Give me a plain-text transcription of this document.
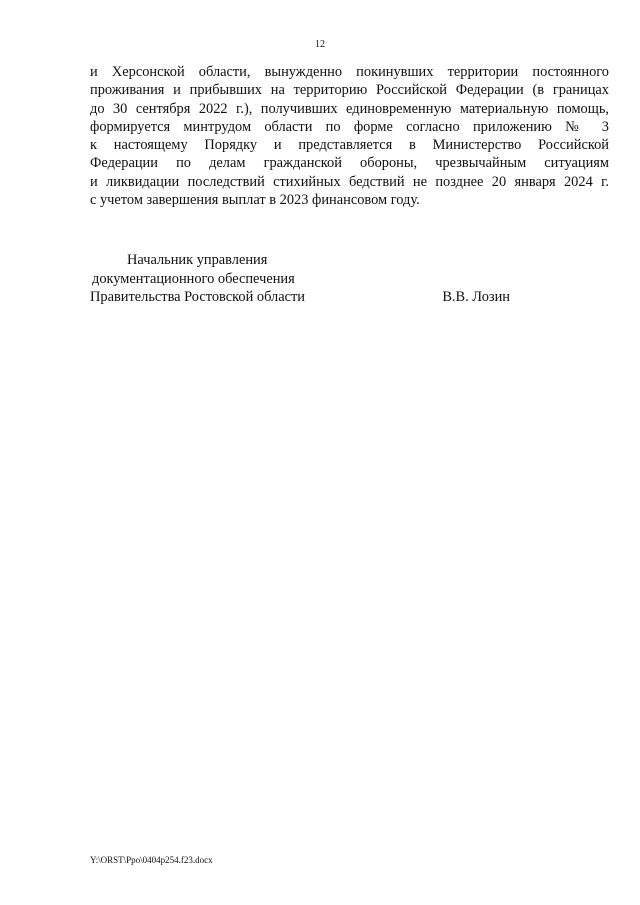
12
и Херсонской области, вынужденно покинувших территории постоянного
проживания и прибывших на территорию Российской Федерации (в границах
до 30 сентября 2022 г.), получивших единовременную материальную помощь,
формируется минтрудом области по форме согласно приложению № 3
к настоящему Порядку и представляется в Министерство Российской
Федерации по делам гражданской обороны, чрезвычайным ситуациям
и ликвидации последствий стихийных бедствий не позднее 20 января 2024 г.
с учетом завершения выплат в 2023 финансовом году.
Начальник управления
документационного обеспечения
Правительства Ростовской области	В.В. Лозин
Y:\ORST\Ppo\0404p254.f23.docx
